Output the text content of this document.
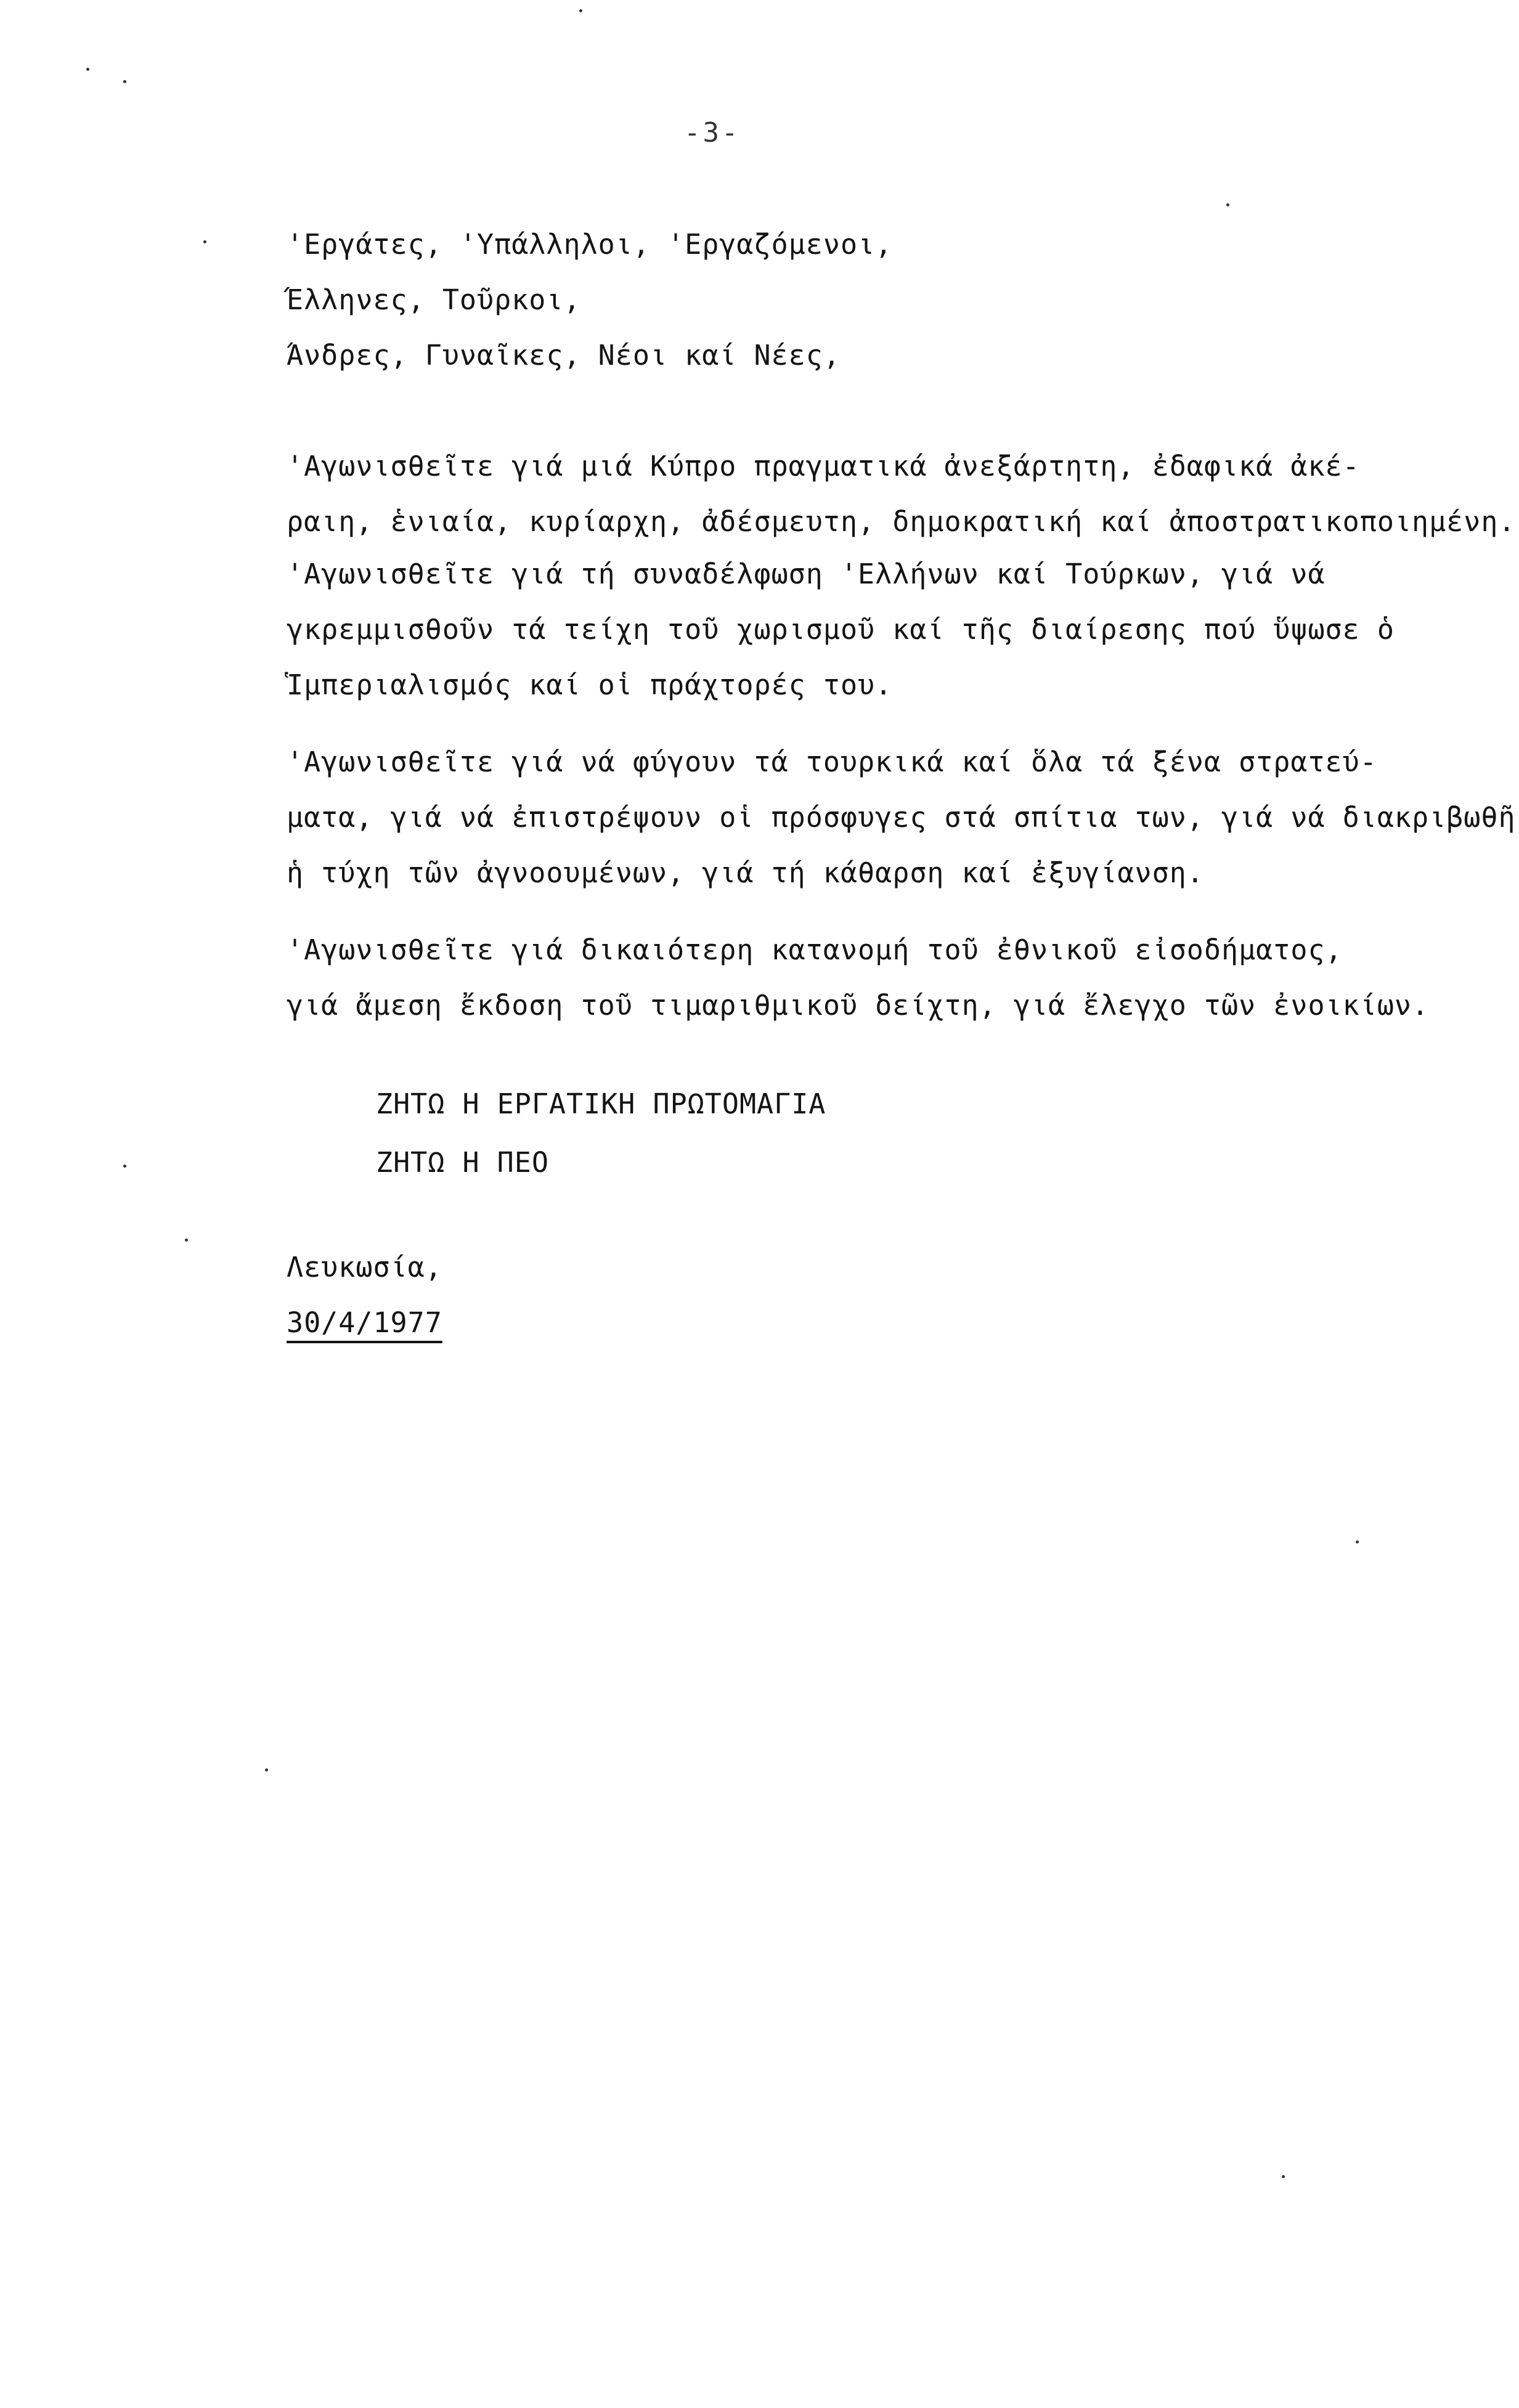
-3-
'Εργάτες, 'Υπάλληλοι, 'Εργαζόμενοι,
Έλληνες, Τοῦρκοι,
Άνδρες, Γυναῖκες, Νέοι καί Νέες,
'Αγωνισθεῖτε γιά μιά Κύπρο πραγματικά ἀνεξάρτητη, ἐδαφικά ἀκέ-
ραιη, ἑνιαία, κυρίαρχη, ἀδέσμευτη, δημοκρατική καί ἀποστρατικοποιημένη.
'Αγωνισθεῖτε γιά τή συναδέλφωση 'Ελλήνων καί Τούρκων, γιά νά
γκρεμμισθοῦν τά τείχη τοῦ χωρισμοῦ καί τῆς διαίρεσης πού ὕψωσε ὁ
Ἱμπεριαλισμός καί οἱ πράχτορές του.
'Αγωνισθεῖτε γιά νά φύγουν τά τουρκικά καί ὅλα τά ξένα στρατεύ-
ματα, γιά νά ἐπιστρέψουν οἱ πρόσφυγες στά σπίτια των, γιά νά διακριβωθῆ
ἡ τύχη τῶν ἀγνοουμένων, γιά τή κάθαρση καί ἐξυγίανση.
'Αγωνισθεῖτε γιά δικαιότερη κατανομή τοῦ ἐθνικοῦ εἰσοδήματος,
γιά ἄμεση ἔκδοση τοῦ τιμαριθμικοῦ δείχτη, γιά ἔλεγχο τῶν ἐνοικίων.
ΖΗΤΩ Η ΕΡΓΑΤΙΚΗ ΠΡΩΤΟΜΑΓΙΑ
ΖΗΤΩ Η ΠΕΟ
Λευκωσία,
30/4/1977
